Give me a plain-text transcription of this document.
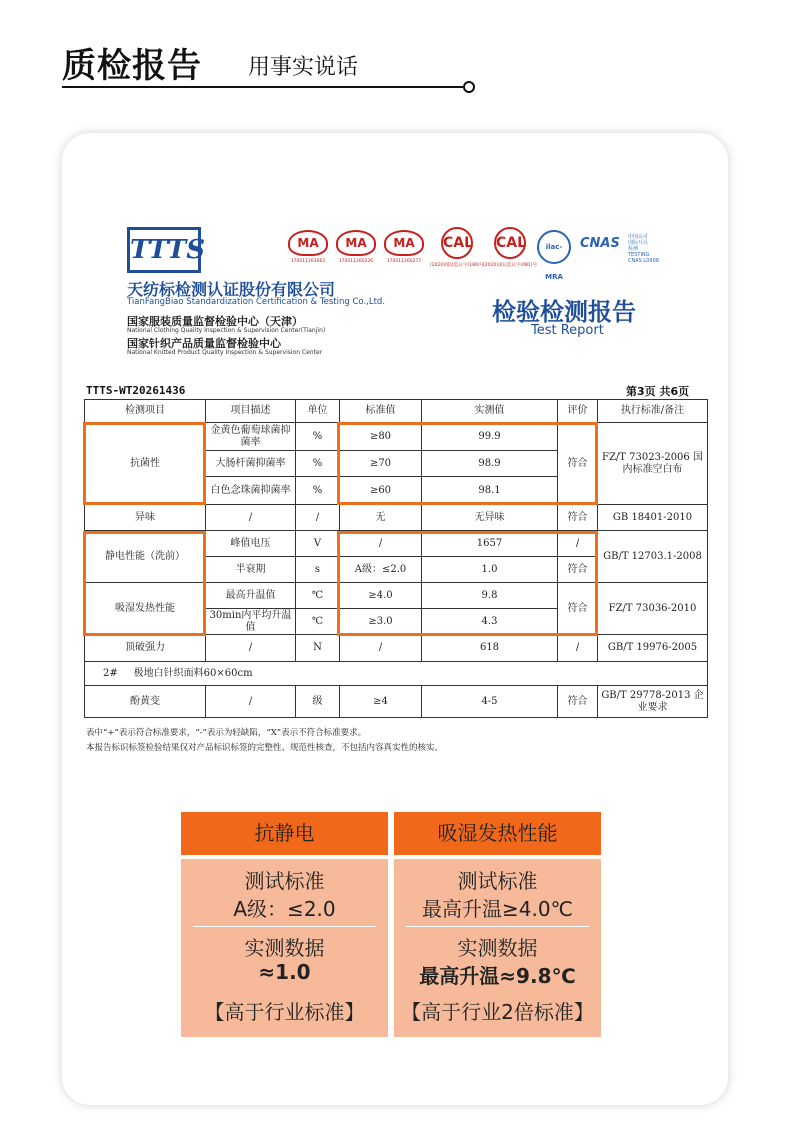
质检报告 用事实说话
TTTS
天纺标检测认证股份有限公司
TianFangBiao Standardization Certification & Testing Co.,Ltd.
国家服装质量监督检验中心（天津）
National Clothing Quality Inspection & Supervision Center(Tianjin)
国家针织产品质量监督检验中心
National Knitted Product Quality Inspection & Supervision Center
MA
170011263663
MA
170011260226
MA
170011260277
CAL
(2020)国认监认字(186)号
CAL
(2020)国认监认字(081)号
ilac-MRA
CNAS 中国认可
国际互认
检测
TESTING
CNAS L0908
检验检测报告
Test Report
TTTS-WT20261436	第3页 共6页
检测项目	项目描述	单位	标准值	实测值	评价	执行标准/备注
抗菌性	金黄色葡萄球菌抑菌率	%	≥80	99.9	符合	FZ/T 73023-2006 国内标准空白布
	大肠杆菌抑菌率	%	≥70	98.9		
	白色念珠菌抑菌率	%	≥60	98.1		
异味	/	/	无	无异味	符合	GB 18401-2010
静电性能（洗前）	峰值电压	V	/	1657	/	GB/T 12703.1-2008
	半衰期	s	A级：≤2.0	1.0	符合	
吸湿发热性能	最高升温值	℃	≥4.0	9.8	符合	FZ/T 73036-2010
	30min内平均升温值	℃	≥3.0	4.3		
顶破强力	/	N	/	618	/	GB/T 19976-2005
2# 极地白针织面料60×60cm						
酚黄变	/	级	≥4	4-5	符合	GB/T 29778-2013 企业要求
表中“+”表示符合标准要求，“-”表示为轻缺陷，“X”表示不符合标准要求。
本报告标识标签检验结果仅对产品标识标签的完整性、规范性核查，不包括内容真实性的核实。
抗静电
测试标准
A级：≤2.0
实测数据
≈1.0
【高于行业标准】
吸湿发热性能
测试标准
最高升温≥4.0℃
实测数据
最高升温≈9.8℃
【高于行业2倍标准】
